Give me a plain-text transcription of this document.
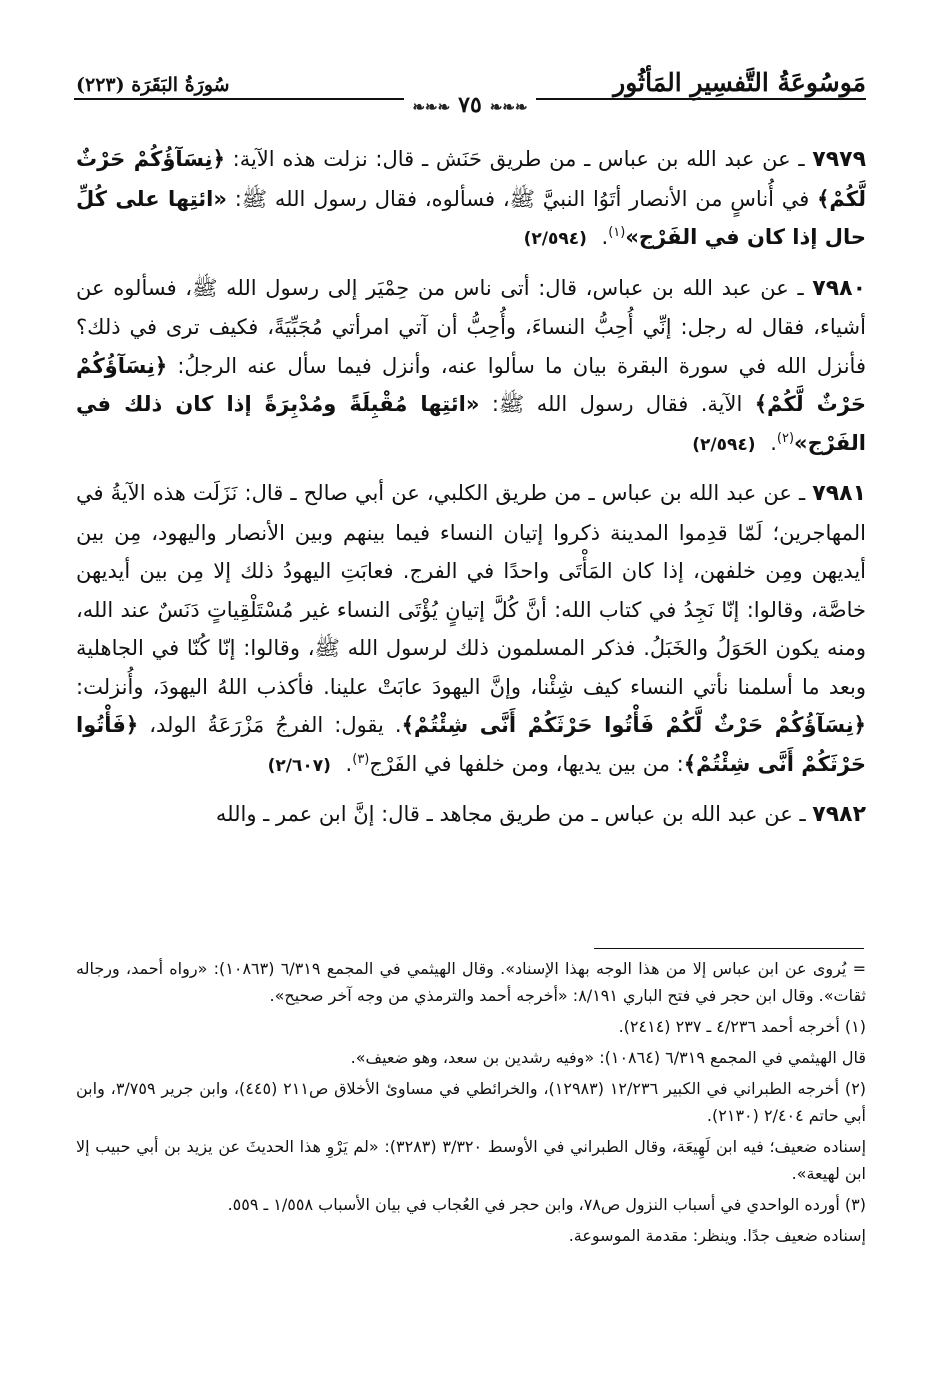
مَوسُوعَةُ التَّفسِيرِ المَأثُور
سُورَةُ البَقَرَة (٢٢٣)
❧❧❧ ٧٥ ❧❧❧

٧٩٧٩ ـ عن عبد الله بن عباس ـ من طريق حَنَش ـ قال: نزلت هذه الآية: ﴿نِسَآؤُكُمْ حَرْثٌ لَّكُمْ﴾ في أُناسٍ من الأنصار أتَوُا النبيَّ ﷺ، فسألوه، فقال رسول الله ﷺ: «ائتِها على كُلِّ حال إذا كان في الفَرْج»$^{(١)}$. (٢/٥٩٤)

٧٩٨٠ ـ عن عبد الله بن عباس، قال: أتى ناس من حِمْيَر إلى رسول الله ﷺ، فسألوه عن أشياء، فقال له رجل: إنِّي أُحِبُّ النساءَ، وأُحِبُّ أن آتي امرأتي مُجَبِّيَةً، فكيف ترى في ذلك؟ فأنزل الله في سورة البقرة بيان ما سألوا عنه، وأنزل فيما سأل عنه الرجلُ: ﴿نِسَآؤُكُمْ حَرْثٌ لَّكُمْ﴾ الآية. فقال رسول الله ﷺ: «ائتِها مُقْبِلَةً ومُدْبِرَةً إذا كان ذلك في الفَرْج»$^{(٢)}$. (٢/٥٩٤)

٧٩٨١ ـ عن عبد الله بن عباس ـ من طريق الكلبي، عن أبي صالح ـ قال: نَزَلَت هذه الآيةُ في المهاجرين؛ لَمّا قدِموا المدينة ذكروا إتيان النساء فيما بينهم وبين الأنصار واليهود، مِن بين أيديهن ومِن خلفهن، إذا كان المَأْتَى واحدًا في الفرج. فعابَتِ اليهودُ ذلك إلا مِن بين أيديهن خاصَّة، وقالوا: إنّا نَجِدُ في كتاب الله: أنَّ كُلَّ إتيانٍ يُؤْتَى النساء غير مُسْتَلْقِياتٍ دَنَسٌ عند الله، ومنه يكون الحَوَلُ والخَبَلُ. فذكر المسلمون ذلك لرسول الله ﷺ، وقالوا: إنّا كُنّا في الجاهلية وبعد ما أسلمنا نأتي النساء كيف شِئْنا، وإنَّ اليهودَ عابَتْ علينا. فأكذب اللهُ اليهودَ، وأُنزلت: ﴿نِسَآؤُكُمْ حَرْثٌ لَّكُمْ فَأْتُوا حَرْثَكُمْ أَنَّى شِئْتُمْ﴾. يقول: الفرجُ مَزْرَعَةُ الولد، ﴿فَأْتُوا حَرْثَكُمْ أَنَّى شِئْتُمْ﴾: من بين يديها، ومن خلفها في الفَرْج$^{(٣)}$. (٢/٦٠٧)

٧٩٨٢ ـ عن عبد الله بن عباس ـ من طريق مجاهد ـ قال: إنَّ ابن عمر ـ والله

= يُروى عن ابن عباس إلا من هذا الوجه بهذا الإسناد». وقال الهيثمي في المجمع ٦/٣١٩ (١٠٨٦٣): «رواه أحمد، ورجاله ثقات». وقال ابن حجر في فتح الباري ٨/١٩١: «أخرجه أحمد والترمذي من وجه آخر صحيح».

(١) أخرجه أحمد ٤/٢٣٦ ـ ٢٣٧ (٢٤١٤).

قال الهيثمي في المجمع ٦/٣١٩ (١٠٨٦٤): «وفيه رشدين بن سعد، وهو ضعيف».

(٢) أخرجه الطبراني في الكبير ١٢/٢٣٦ (١٢٩٨٣)، والخرائطي في مساوئ الأخلاق ص٢١١ (٤٤٥)، وابن جرير ٣/٧٥٩، وابن أبي حاتم ٢/٤٠٤ (٢١٣٠).

إسناده ضعيف؛ فيه ابن لَهِيعَة، وقال الطبراني في الأوسط ٣/٣٢٠ (٣٢٨٣): «لم يَرْوِ هذا الحديثَ عن يزيد بن أبي حبيب إلا ابن لهيعة».

(٣) أورده الواحدي في أسباب النزول ص٧٨، وابن حجر في العُجاب في بيان الأسباب ١/٥٥٨ ـ ٥٥٩.

إسناده ضعيف جدًا. وينظر: مقدمة الموسوعة.
